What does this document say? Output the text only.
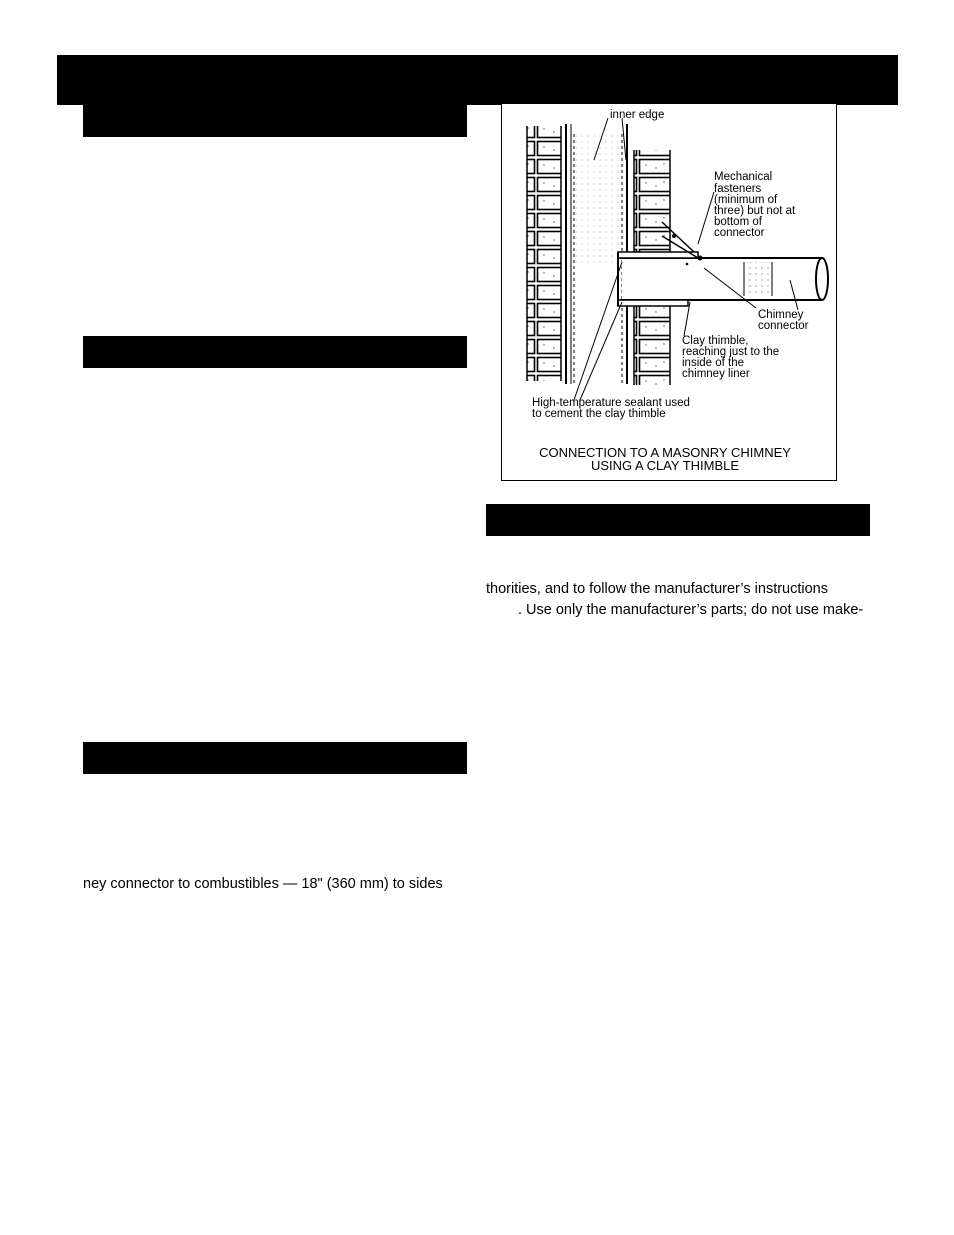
inner edge
Mechanical
fasteners
(minimum of
three) but not at
bottom of
connector
Chimney
connector
Clay thimble,
reaching just to the
inside of the
chimney liner
High-temperature sealant used
to cement the clay thimble
CONNECTION TO A MASONRY CHIMNEY
USING A CLAY THIMBLE
thorities, and to follow the manufacturer’s instructions
. Use only the manufacturer’s parts; do not use make-
ney connector to combustibles — 18" (360 mm) to sides
